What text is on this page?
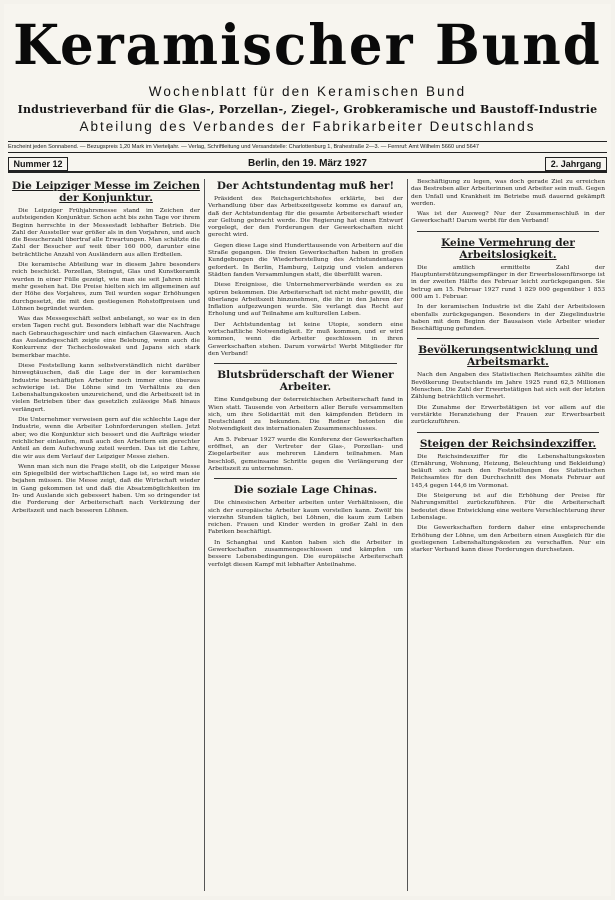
Keramischer Bund
Wochenblatt für den Keramischen Bund
Industrieverband für die Glas-, Porzellan-, Ziegel-, Grobkeramische und Baustoff-Industrie
Abteilung des Verbandes der Fabrikarbeiter Deutschlands
Erscheint jeden Sonnabend. — Bezugspreis 1,20 Mark im Vierteljahr. — Verlag, Schriftleitung und Versandstelle: Charlottenburg 1, Brahestraße 2—3. — Fernruf: Amt Wilhelm 5660 und 5647
Nummer 12	Berlin, den 19. März 1927	2. Jahrgang
Die Leipziger Messe im Zeichen der Konjunktur.
Die Leipziger Frühjahrsmesse stand im Zeichen der aufsteigenden Konjunktur. Schon acht bis zehn Tage vor ihrem Beginn herrschte in der Messestadt lebhafter Betrieb. Die Zahl der Aussteller war größer als in den Vorjahren, und auch die Besucherzahl übertraf alle Erwartungen. Man schätzte die Zahl der Besucher auf weit über 160 000, darunter eine beträchtliche Anzahl von Ausländern aus allen Erdteilen.
Die keramische Abteilung war in diesem Jahre besonders reich beschickt. Porzellan, Steingut, Glas und Kunstkeramik wurden in einer Fülle gezeigt, wie man sie seit Jahren nicht mehr gesehen hat. Die Preise hielten sich im allgemeinen auf der Höhe des Vorjahres, zum Teil wurden sogar Erhöhungen durchgesetzt, die mit den gestiegenen Rohstoffpreisen und Löhnen begründet wurden.
Was das Messegeschäft selbst anbelangt, so war es in den ersten Tagen recht gut. Besonders lebhaft war die Nachfrage nach Gebrauchsgeschirr und nach einfachen Glaswaren. Auch das Auslandsgeschäft zeigte eine Belebung, wenn auch die Konkurrenz der Tschechoslowakei und Japans sich stark bemerkbar machte.
Diese Feststellung kann selbstverständlich nicht darüber hinwegtäuschen, daß die Lage der in der keramischen Industrie beschäftigten Arbeiter noch immer eine überaus schwierige ist. Die Löhne sind im Verhältnis zu den Lebenshaltungskosten unzureichend, und die Arbeitszeit ist in vielen Betrieben über das gesetzlich zulässige Maß hinaus verlängert.
Die Unternehmer verweisen gern auf die schlechte Lage der Industrie, wenn die Arbeiter Lohnforderungen stellen. Jetzt aber, wo die Konjunktur sich bessert und die Aufträge wieder reichlicher einlaufen, muß auch den Arbeitern ein gerechter Anteil an dem Aufschwung zuteil werden. Das ist die Lehre, die wir aus dem Verlauf der Leipziger Messe ziehen.
Wenn man sich nun die Frage stellt, ob die Leipziger Messe ein Spiegelbild der wirtschaftlichen Lage ist, so wird man sie bejahen müssen. Die Messe zeigt, daß die Wirtschaft wieder in Gang gekommen ist und daß die Absatzmöglichkeiten im In- und Auslande sich gebessert haben. Um so dringender ist die Forderung der Arbeiterschaft nach Verkürzung der Arbeitszeit und nach besseren Löhnen.
Der Achtstundentag muß her!
Präsident des Reichsgerichtshofes erklärte, bei der Verhandlung über das Arbeitszeitgesetz komme es darauf an, daß der Achtstundentag für die gesamte Arbeiterschaft wieder zur Geltung gebracht werde. Die Regierung hat einen Entwurf vorgelegt, der den Forderungen der Gewerkschaften nicht gerecht wird.
Gegen diese Lage sind Hunderttausende von Arbeitern auf die Straße gegangen. Die freien Gewerkschaften haben in großen Kundgebungen die Wiederherstellung des Achtstundentages gefordert. In Berlin, Hamburg, Leipzig und vielen anderen Städten fanden Versammlungen statt, die überfüllt waren.
Diese Ereignisse, die Unternehmerverbände werden es zu spüren bekommen. Die Arbeiterschaft ist nicht mehr gewillt, die überlange Arbeitszeit hinzunehmen, die ihr in den Jahren der Inflation aufgezwungen wurde. Sie verlangt das Recht auf Erholung und auf Teilnahme am kulturellen Leben.
Der Achtstundentag ist keine Utopie, sondern eine wirtschaftliche Notwendigkeit. Er muß kommen, und er wird kommen, wenn die Arbeiter geschlossen in ihren Gewerkschaften stehen. Darum vorwärts! Werbt Mitglieder für den Verband!
Blutsbrüderschaft der Wiener Arbeiter.
Eine Kundgebung der österreichischen Arbeiterschaft fand in Wien statt. Tausende von Arbeitern aller Berufe versammelten sich, um ihre Solidarität mit den kämpfenden Brüdern in Deutschland zu bekunden. Die Redner betonten die Notwendigkeit des internationalen Zusammenschlusses.
Am 5. Februar 1927 wurde die Konferenz der Gewerkschaften eröffnet, an der Vertreter der Glas-, Porzellan- und Ziegelarbeiter aus mehreren Ländern teilnahmen. Man beschloß, gemeinsame Schritte gegen die Verlängerung der Arbeitszeit zu unternehmen.
Die soziale Lage Chinas.
Die chinesischen Arbeiter arbeiten unter Verhältnissen, die sich der europäische Arbeiter kaum vorstellen kann. Zwölf bis vierzehn Stunden täglich, bei Löhnen, die kaum zum Leben reichen. Frauen und Kinder werden in großer Zahl in den Fabriken beschäftigt.
In Schanghai und Kanton haben sich die Arbeiter in Gewerkschaften zusammengeschlossen und kämpfen um bessere Lebensbedingungen. Die europäische Arbeiterschaft verfolgt diesen Kampf mit lebhafter Anteilnahme.
Beschäftigung zu legen, was doch gerade Ziel zu erreichen das Bestreben aller Arbeiterinnen und Arbeiter sein muß. Gegen den Unfall und Krankheit im Betriebe muß dauernd gekämpft werden.
Was ist der Ausweg? Nur der Zusammenschluß in der Gewerkschaft! Darum werbt für den Verband!
Keine Vermehrung der Arbeitslosigkeit.
Die amtlich ermittelte Zahl der Hauptunterstützungsempfänger in der Erwerbslosenfürsorge ist in der zweiten Hälfte des Februar leicht zurückgegangen. Sie betrug am 15. Februar 1927 rund 1 829 000 gegenüber 1 853 000 am 1. Februar.
In der keramischen Industrie ist die Zahl der Arbeitslosen ebenfalls zurückgegangen. Besonders in der Ziegelindustrie haben mit dem Beginn der Bausaison viele Arbeiter wieder Beschäftigung gefunden.
Bevölkerungsentwicklung und Arbeitsmarkt.
Nach den Angaben des Statistischen Reichsamtes zählte die Bevölkerung Deutschlands im Jahre 1925 rund 62,5 Millionen Menschen. Die Zahl der Erwerbstätigen hat sich seit der letzten Zählung beträchtlich vermehrt.
Die Zunahme der Erwerbstätigen ist vor allem auf die verstärkte Heranziehung der Frauen zur Erwerbsarbeit zurückzuführen.
Steigen der Reichsindexziffer.
Die Reichsindexziffer für die Lebenshaltungskosten (Ernährung, Wohnung, Heizung, Beleuchtung und Bekleidung) beläuft sich nach den Feststellungen des Statistischen Reichsamtes für den Durchschnitt des Monats Februar auf 145,4 gegen 144,6 im Vormonat.
Die Steigerung ist auf die Erhöhung der Preise für Nahrungsmittel zurückzuführen. Für die Arbeiterschaft bedeutet diese Entwicklung eine weitere Verschlechterung ihrer Lebenslage.
Die Gewerkschaften fordern daher eine entsprechende Erhöhung der Löhne, um den Arbeitern einen Ausgleich für die gestiegenen Lebenshaltungskosten zu verschaffen. Nur ein starker Verband kann diese Forderungen durchsetzen.
